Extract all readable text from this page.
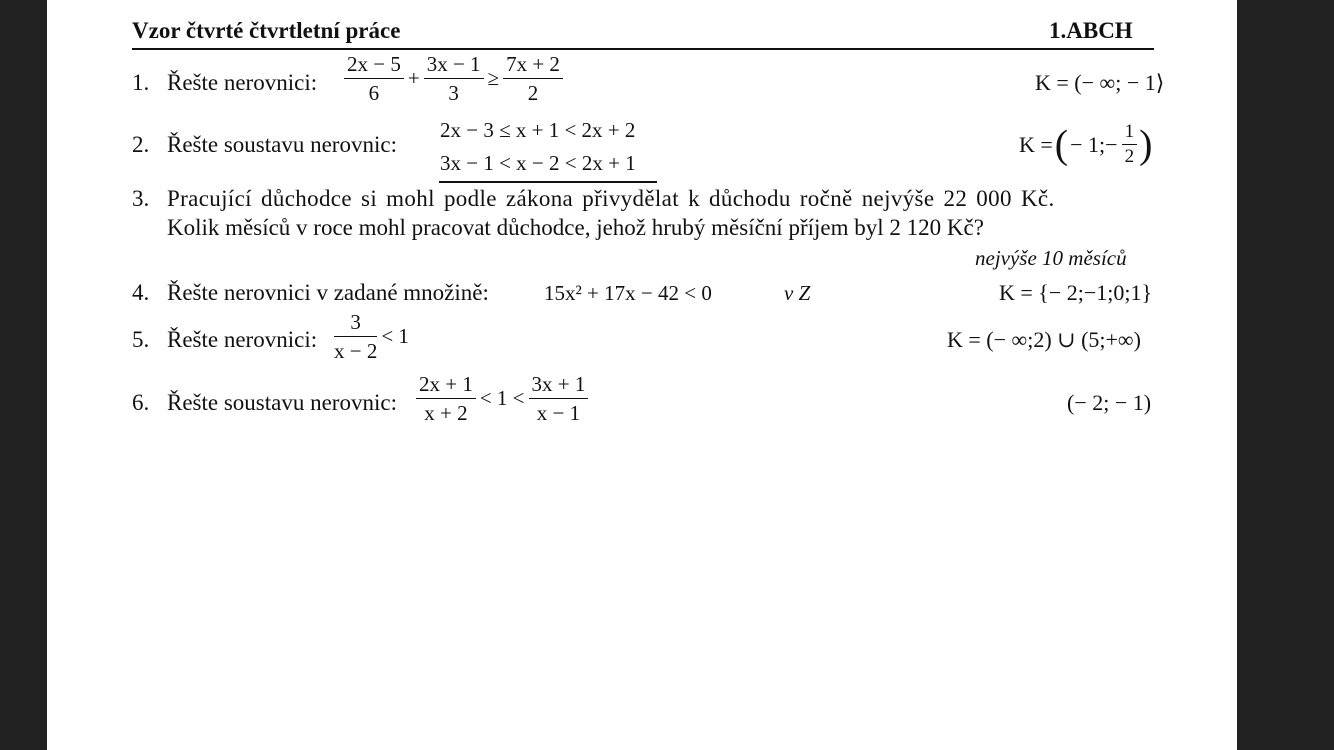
Vzor čtvrté čtvrtletní práce	1.ABCH
1. Řešte nerovnici: $\frac{2x - 5}{6} + \frac{3x - 1}{3} \ge \frac{7x + 2}{2}$	K = (− ∞; − 1⟩
2. Řešte soustavu nerovnic:
2x − 3 ≤ x + 1 < 2x + 2
3x − 1 < x − 2 < 2x + 1
K =(− 1;− $\frac{1}{2}$ )
3. Pracující důchodce si mohl podle zákona přivydělat k důchodu ročně nejvýše 22 000 Kč.
Kolik měsíců v roce mohl pracovat důchodce, jehož hrubý měsíční příjem byl 2 120 Kč?
nejvýše 10 měsíců
4. Řešte nerovnici v zadané množině:	15x² + 17x − 42 < 0	v Z	K = {− 2;−1;0;1}
5. Řešte nerovnici: $\frac{3}{x - 2} < 1$	K = (− ∞;2) ∪ (5;+∞)
6. Řešte soustavu nerovnic: $\frac{2x + 1}{x + 2} < 1 < \frac{3x + 1}{x - 1}$	(− 2; − 1)
